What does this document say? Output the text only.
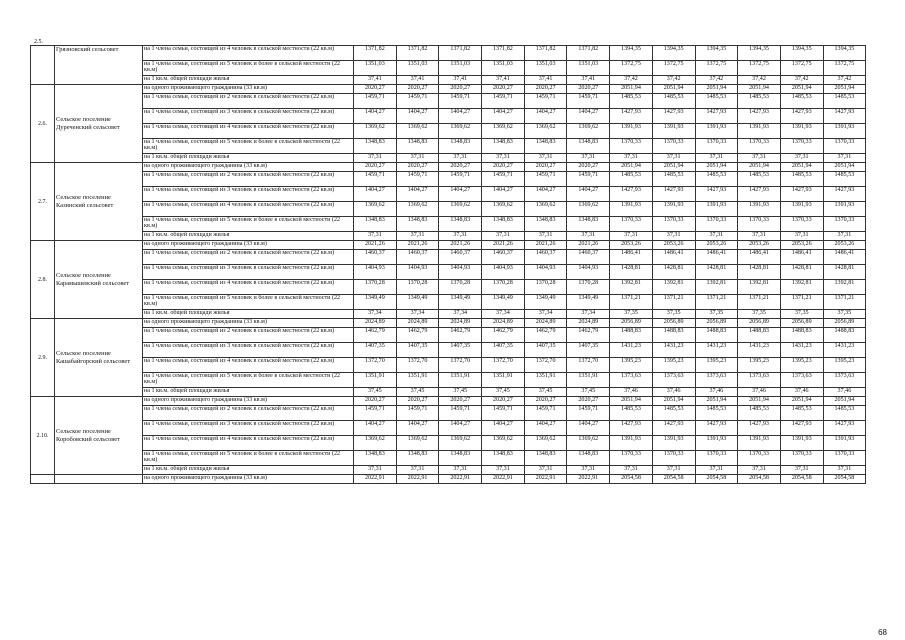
	Грязновский сельсовет	на 1 члена семьи, состоящей из 4 человек в сельской местности (22 кв.м)	1371,82	1371,82	1371,82	1371,82	1371,82	1371,82	1394,35	1394,35	1394,35	1394,35	1394,35	1394,35
		на 1 члена семьи, состоящей из 5 человек и более в сельской местности (22 кв.м)	1351,03	1351,03	1351,03	1351,03	1351,03	1351,03	1372,75	1372,75	1372,75	1372,75	1372,75	1372,75
		на 1 кв.м. общей площади жилья	37,41	37,41	37,41	37,41	37,41	37,41	37,42	37,42	37,42	37,42	37,42	37,42
2.6.	Сельское поселение Дуреченский сельсовет	на одного проживающего гражданина (33 кв.м)	2020,27	2020,27	2020,27	2020,27	2020,27	2020,27	2051,94	2051,94	2051,94	2051,94	2051,94	2051,94
		на 1 члена семьи, состоящей из 2 человек в сельской местности (22 кв.м)	1459,71	1459,71	1459,71	1459,71	1459,71	1459,71	1485,53	1485,53	1485,53	1485,53	1485,53	1485,53
		на 1 члена семьи, состоящей из 3 человек в сельской местности (22 кв.м)	1404,27	1404,27	1404,27	1404,27	1404,27	1404,27	1427,93	1427,93	1427,93	1427,93	1427,93	1427,93
		на 1 члена семьи, состоящей из 4 человек в сельской местности (22 кв.м)	1369,62	1369,62	1369,62	1369,62	1369,62	1369,62	1391,93	1391,93	1391,93	1391,93	1391,93	1391,93
		на 1 члена семьи, состоящей из 5 человек и более в сельской местности (22 кв.м)	1348,83	1348,83	1348,83	1348,83	1348,83	1348,83	1370,33	1370,33	1370,33	1370,33	1370,33	1370,33
		на 1 кв.м. общей площади жилья	37,31	37,31	37,31	37,31	37,31	37,31	37,31	37,31	37,31	37,31	37,31	37,31
2.7.	Сельское поселение Казинский сельсовет	на одного проживающего гражданина (33 кв.м)	2020,27	2020,27	2020,27	2020,27	2020,27	2020,27	2051,94	2051,94	2051,94	2051,94	2051,94	2051,94
		на 1 члена семьи, состоящей из 2 человек в сельской местности (22 кв.м)	1459,71	1459,71	1459,71	1459,71	1459,71	1459,71	1485,53	1485,53	1485,53	1485,53	1485,53	1485,53
		на 1 члена семьи, состоящей из 3 человек в сельской местности (22 кв.м)	1404,27	1404,27	1404,27	1404,27	1404,27	1404,27	1427,93	1427,93	1427,93	1427,93	1427,93	1427,93
		на 1 члена семьи, состоящей из 4 человек в сельской местности (22 кв.м)	1369,62	1369,62	1369,62	1369,62	1369,62	1369,62	1391,93	1391,93	1391,93	1391,93	1391,93	1391,93
		на 1 члена семьи, состоящей из 5 человек и более в сельской местности (22 кв.м)	1348,83	1348,83	1348,83	1348,83	1348,83	1348,83	1370,33	1370,33	1370,33	1370,33	1370,33	1370,33
		на 1 кв.м. общей площади жилья	37,31	37,31	37,31	37,31	37,31	37,31	37,31	37,31	37,31	37,31	37,31	37,31
2.8.	Сельское поселение Карамышевский сельсовет	на одного проживающего гражданина (33 кв.м)	2021,26	2021,26	2021,26	2021,26	2021,26	2021,26	2053,26	2053,26	2053,26	2053,26	2053,26	2053,26
		на 1 члена семьи, состоящей из 2 человек в сельской местности (22 кв.м)	1460,37	1460,37	1460,37	1460,37	1460,37	1460,37	1486,41	1486,41	1486,41	1486,41	1486,41	1486,41
		на 1 члена семьи, состоящей из 3 человек в сельской местности (22 кв.м)	1404,93	1404,93	1404,93	1404,93	1404,93	1404,93	1428,81	1428,81	1428,81	1428,81	1428,81	1428,81
		на 1 члена семьи, состоящей из 4 человек в сельской местности (22 кв.м)	1370,28	1370,28	1370,28	1370,28	1370,28	1370,28	1392,81	1392,81	1392,81	1392,81	1392,81	1392,81
		на 1 члена семьи, состоящей из 5 человек и более в сельской местности (22 кв.м)	1349,49	1349,49	1349,49	1349,49	1349,49	1349,49	1371,21	1371,21	1371,21	1371,21	1371,21	1371,21
		на 1 кв.м. общей площади жилья	37,34	37,34	37,34	37,34	37,34	37,34	37,35	37,35	37,35	37,35	37,35	37,35
2.9.	Сельское поселение Кашабайгорский сельсовет	на одного проживающего гражданина (33 кв.м)	2024,89	2024,89	2024,89	2024,89	2024,89	2024,89	2056,89	2056,89	2056,89	2056,89	2056,89	2056,89
		на 1 члена семьи, состоящей из 2 человек в сельской местности (22 кв.м)	1462,79	1462,79	1462,79	1462,79	1462,79	1462,79	1488,83	1488,83	1488,83	1488,83	1488,83	1488,83
		на 1 члена семьи, состоящей из 3 человек в сельской местности (22 кв.м)	1407,35	1407,35	1407,35	1407,35	1407,35	1407,35	1431,23	1431,23	1431,23	1431,23	1431,23	1431,23
		на 1 члена семьи, состоящей из 4 человек в сельской местности (22 кв.м)	1372,70	1372,70	1372,70	1372,70	1372,70	1372,70	1395,23	1395,23	1395,23	1395,23	1395,23	1395,23
		на 1 члена семьи, состоящей из 5 человек и более в сельской местности (22 кв.м)	1351,91	1351,91	1351,91	1351,91	1351,91	1351,91	1373,63	1373,63	1373,63	1373,63	1373,63	1373,63
		на 1 кв.м. общей площади жилья	37,45	37,45	37,45	37,45	37,45	37,45	37,46	37,46	37,46	37,46	37,46	37,46
2.10.	Сельское поселение Коробовский сельсовет	на одного проживающего гражданина (33 кв.м)	2020,27	2020,27	2020,27	2020,27	2020,27	2020,27	2051,94	2051,94	2051,94	2051,94	2051,94	2051,94
		на 1 члена семьи, состоящей из 2 человек в сельской местности (22 кв.м)	1459,71	1459,71	1459,71	1459,71	1459,71	1459,71	1485,53	1485,53	1485,53	1485,53	1485,53	1485,53
		на 1 члена семьи, состоящей из 3 человек в сельской местности (22 кв.м)	1404,27	1404,27	1404,27	1404,27	1404,27	1404,27	1427,93	1427,93	1427,93	1427,93	1427,93	1427,93
		на 1 члена семьи, состоящей из 4 человек в сельской местности (22 кв.м)	1369,62	1369,62	1369,62	1369,62	1369,62	1369,62	1391,93	1391,93	1391,93	1391,93	1391,93	1391,93
		на 1 члена семьи, состоящей из 5 человек и более в сельской местности (22 кв.м)	1348,83	1348,83	1348,83	1348,83	1348,83	1348,83	1370,33	1370,33	1370,33	1370,33	1370,33	1370,33
		на 1 кв.м. общей площади жилья	37,31	37,31	37,31	37,31	37,31	37,31	37,31	37,31	37,31	37,31	37,31	37,31
		на одного проживающего гражданина (33 кв.м)	2022,91	2022,91	2022,91	2022,91	2022,91	2022,91	2054,58	2054,58	2054,58	2054,58	2054,58	2054,58
68
2.5.
